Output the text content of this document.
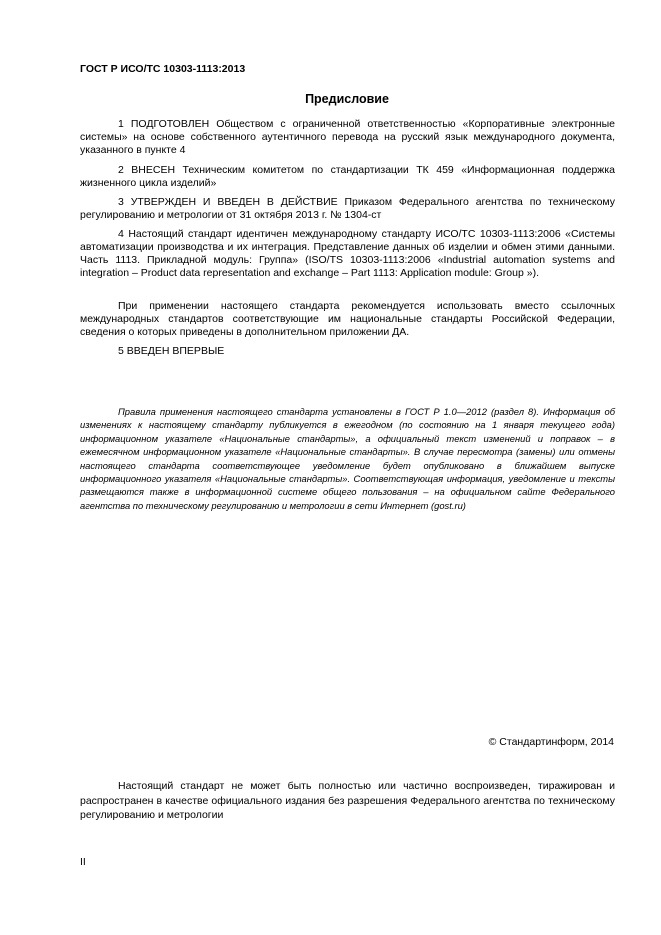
ГОСТ Р ИСО/ТС 10303-1113:2013
Предисловие

1 ПОДГОТОВЛЕН Обществом с ограниченной ответственностью «Корпоративные электронные системы» на основе собственного аутентичного перевода на русский язык международного документа, указанного в пункте 4

2 ВНЕСЕН Техническим комитетом по стандартизации ТК 459 «Информационная поддержка жизненного цикла изделий»

3 УТВЕРЖДЕН И ВВЕДЕН В ДЕЙСТВИЕ Приказом Федерального агентства по техническому регулированию и метрологии от 31 октября 2013 г. № 1304-ст

4 Настоящий стандарт идентичен международному стандарту ИСО/ТС 10303-1113:2006 «Системы автоматизации производства и их интеграция. Представление данных об изделии и обмен этими данными. Часть 1113. Прикладной модуль: Группа» (ISO/TS 10303-1113:2006 «Industrial automation systems and integration – Product data representation and exchange – Part 1113: Application module: Group »).

При применении настоящего стандарта рекомендуется использовать вместо ссылочных международных стандартов соответствующие им национальные стандарты Российской Федерации, сведения о которых приведены в дополнительном приложении ДА.

5 ВВЕДЕН ВПЕРВЫЕ

Правила применения настоящего стандарта установлены в ГОСТ Р 1.0—2012 (раздел 8). Информация об изменениях к настоящему стандарту публикуется в ежегодном (по состоянию на 1 января текущего года) информационном указателе «Национальные стандарты», а официальный текст изменений и поправок – в ежемесячном информационном указателе «Национальные стандарты». В случае пересмотра (замены) или отмены настоящего стандарта соответствующее уведомление будет опубликовано в ближайшем выпуске информационного указателя «Национальные стандарты». Соответствующая информация, уведомление и тексты размещаются также в информационной системе общего пользования – на официальном сайте Федерального агентства по техническому регулированию и метрологии в сети Интернет (gost.ru)

© Стандартинформ, 2014

Настоящий стандарт не может быть полностью или частично воспроизведен, тиражирован и распространен в качестве официального издания без разрешения Федерального агентства по техническому регулированию и метрологии

II
